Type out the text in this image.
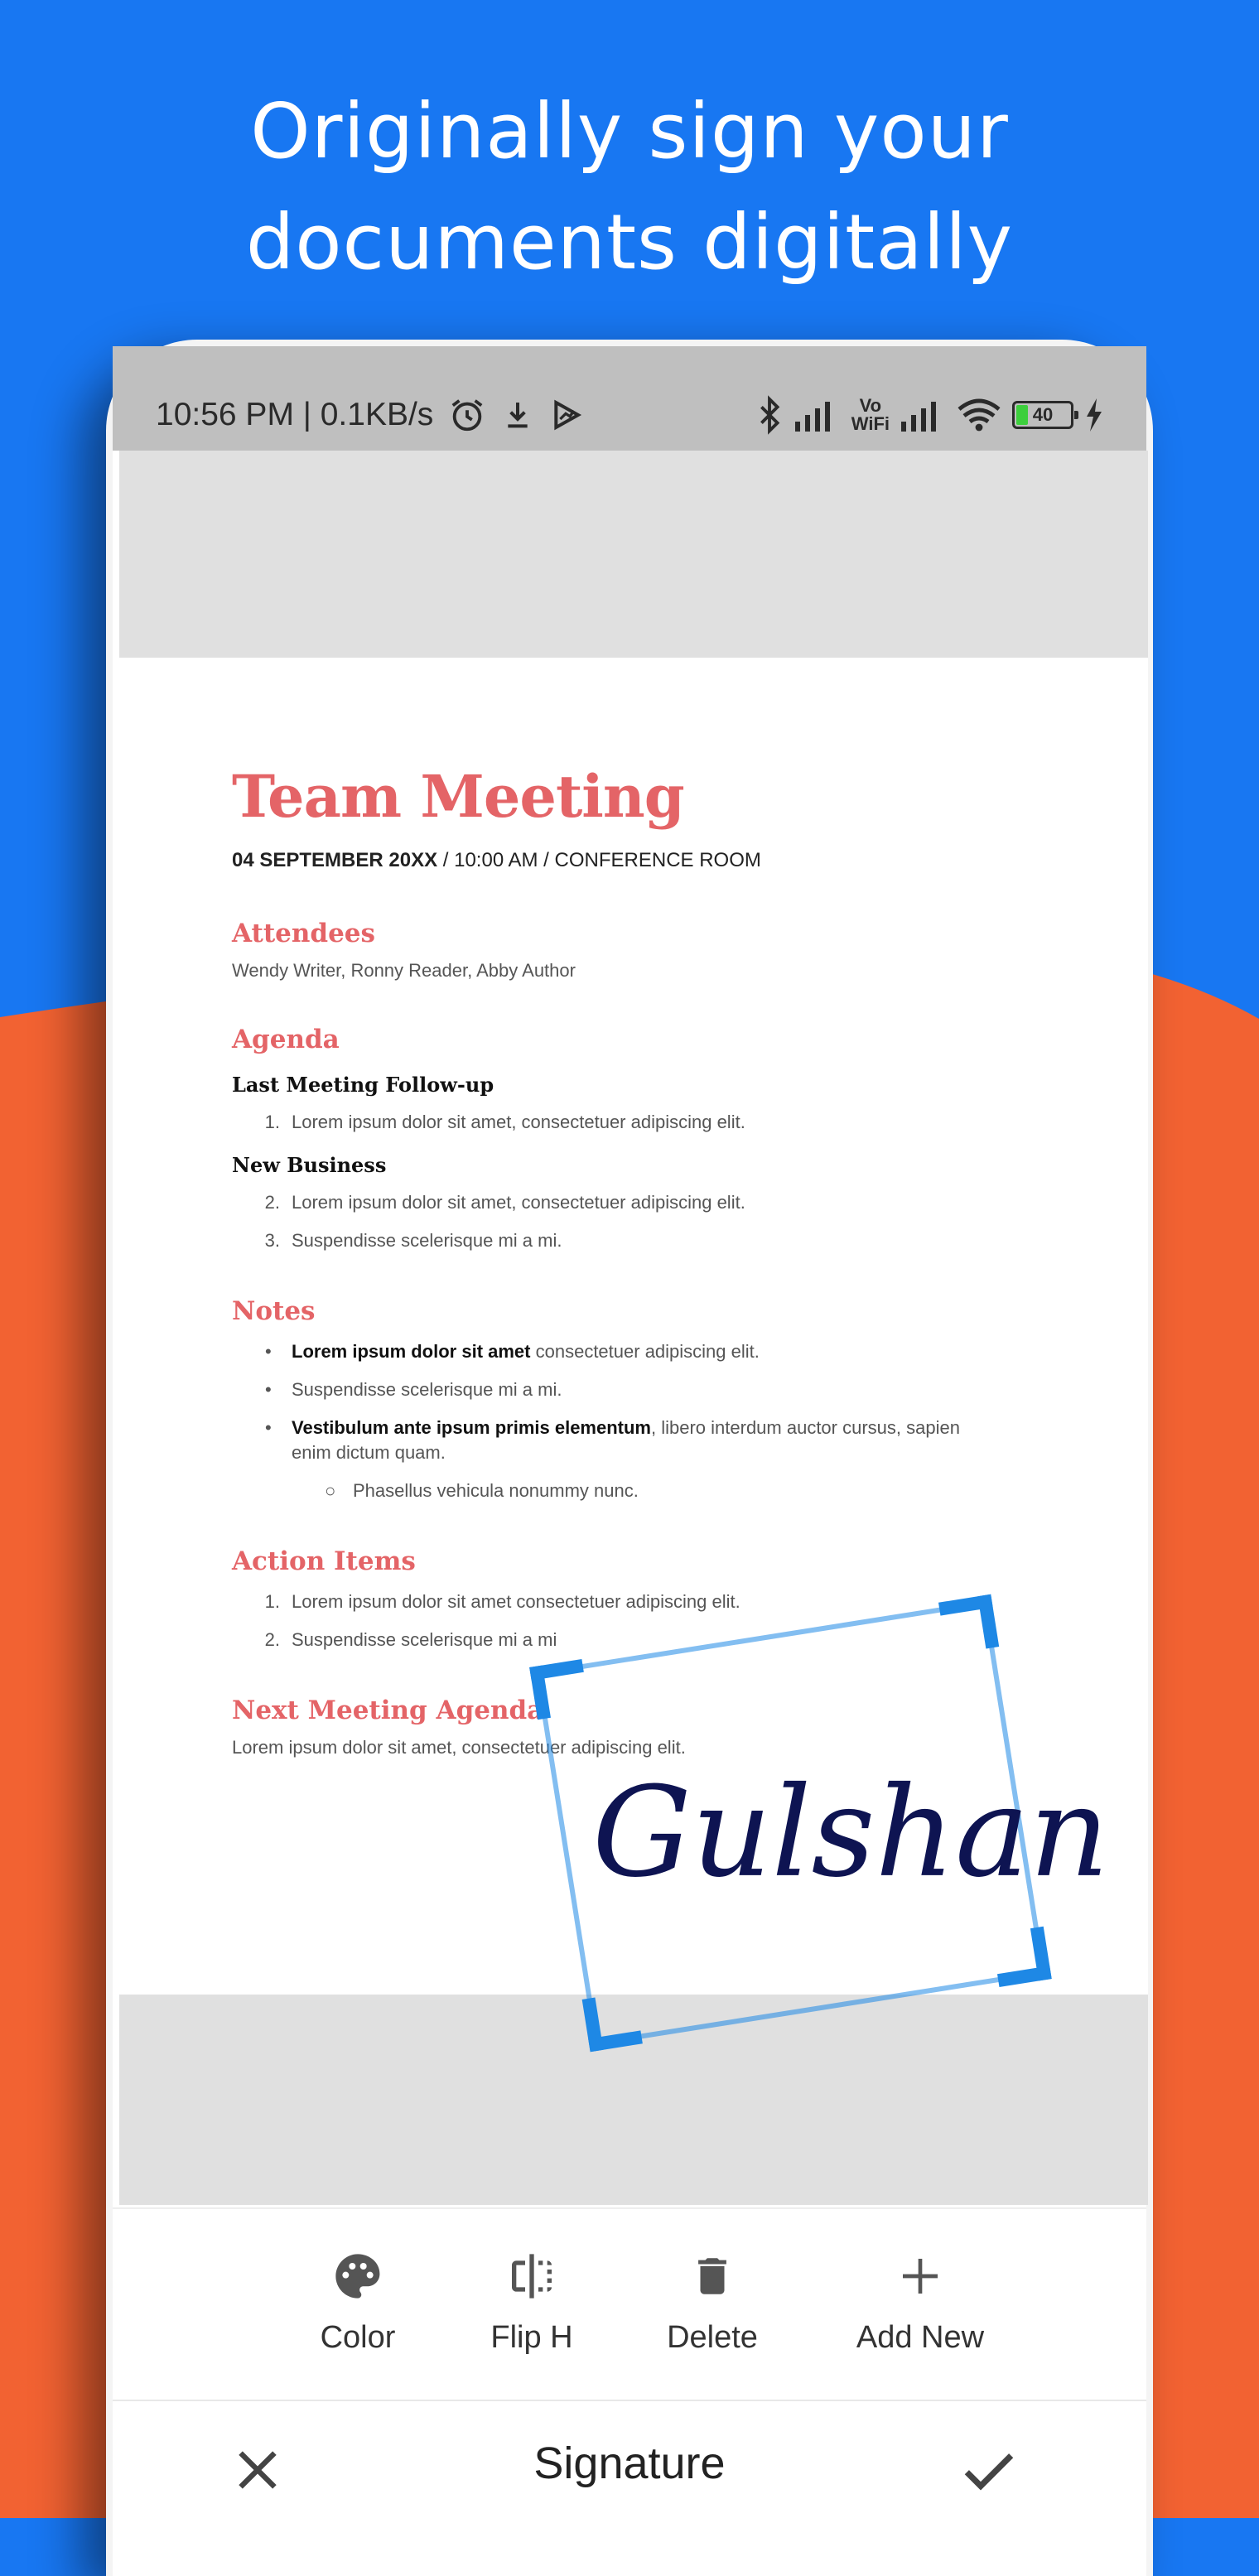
Originally sign your
documents digitally
10:56 PM | 0.1KB/s	Vo
WiFi	40
Team Meeting
04 SEPTEMBER 20XX / 10:00 AM / CONFERENCE ROOM
Attendees
Wendy Writer, Ronny Reader, Abby Author
Agenda
Last Meeting Follow-up
1. Lorem ipsum dolor sit amet, consectetuer adipiscing elit.
New Business
2. Lorem ipsum dolor sit amet, consectetuer adipiscing elit.
3. Suspendisse scelerisque mi a mi.
Notes
•	Lorem ipsum dolor sit amet consectetuer adipiscing elit.
•	Suspendisse scelerisque mi a mi.
•	Vestibulum ante ipsum primis elementum, libero interdum auctor cursus, sapien enim dictum quam.
○ Phasellus vehicula nonummy nunc.
Action Items
1. Lorem ipsum dolor sit amet consectetuer adipiscing elit.
2. Suspendisse scelerisque mi a mi
Next Meeting Agenda
Lorem ipsum dolor sit amet, consectetuer adipiscing elit.
Color	Flip H	Delete	Add New
Signature
Gulshan
